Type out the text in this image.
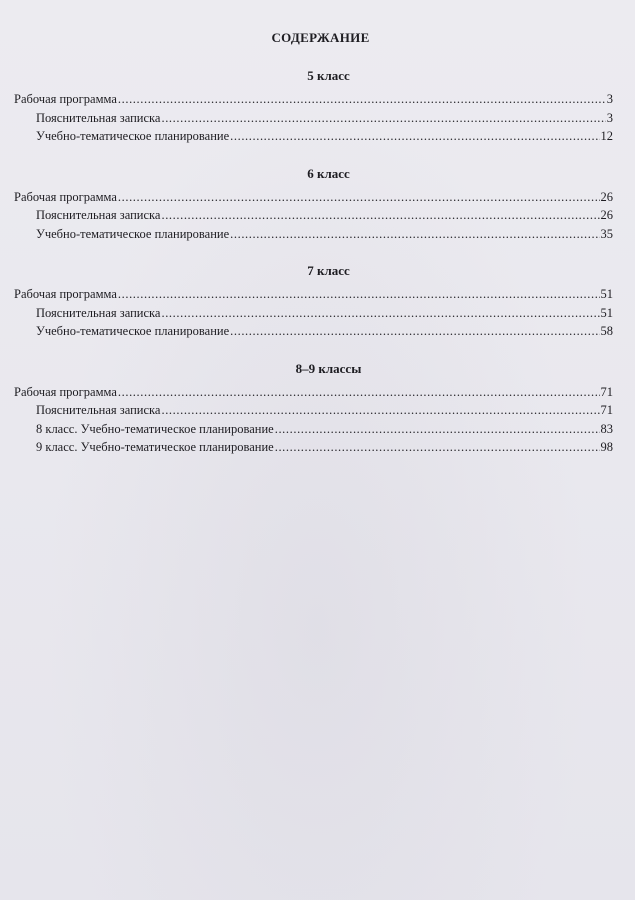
СОДЕРЖАНИЕ
5 класс
Рабочая программа .....	3
Пояснительная записка .....	3
Учебно-тематическое планирование .....	12
6 класс
Рабочая программа .....	26
Пояснительная записка .....	26
Учебно-тематическое планирование .....	35
7 класс
Рабочая программа .....	51
Пояснительная записка .....	51
Учебно-тематическое планирование .....	58
8–9 классы
Рабочая программа .....	71
Пояснительная записка .....	71
8 класс. Учебно-тематическое планирование .....	83
9 класс. Учебно-тематическое планирование .....	98
